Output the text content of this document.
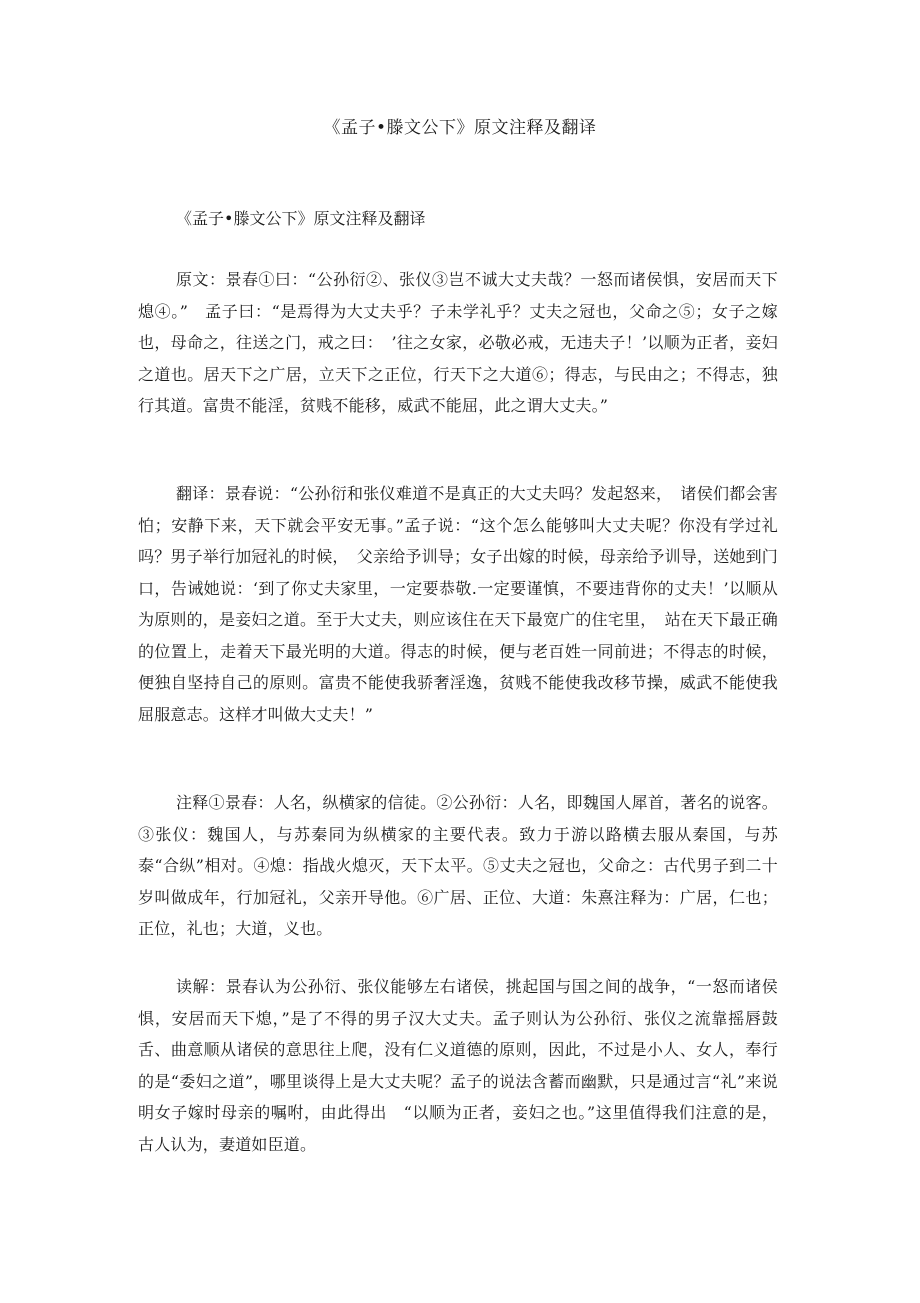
《孟子•滕文公下》原文注释及翻译
《孟子•滕文公下》原文注释及翻译
原文：景春①曰：“公孙衍②、张仪③岂不诚大丈夫哉？一怒而诸侯惧，安居而天下熄④。”　孟子曰：“是焉得为大丈夫乎？子未学礼乎？丈夫之冠也，父命之⑤；女子之嫁也，母命之，往送之门，戒之曰：　’往之女家，必敬必戒，无违夫子！’以顺为正者，妾妇之道也。居天下之广居，立天下之正位，行天下之大道⑥；得志，与民由之；不得志，独行其道。富贵不能淫，贫贱不能移，威武不能屈，此之谓大丈夫。”
翻译：景春说：“公孙衍和张仪难道不是真正的大丈夫吗？发起怒来，　诸侯们都会害怕；安静下来，天下就会平安无事。”孟子说：“这个怎么能够叫大丈夫呢？你没有学过礼吗？男子举行加冠礼的时候，　父亲给予训导；女子出嫁的时候，母亲给予训导，送她到门口，告诫她说：‘到了你丈夫家里，一定要恭敬.一定要谨慎，不要违背你的丈夫！’以顺从为原则的，是妾妇之道。至于大丈夫，则应该住在天下最宽广的住宅里，　站在天下最正确的位置上，走着天下最光明的大道。得志的时候，便与老百姓一同前进；不得志的时候，便独自坚持自己的原则。富贵不能使我骄奢淫逸，贫贱不能使我改移节操，威武不能使我屈服意志。这样才叫做大丈夫！”
注释①景春：人名，纵横家的信徒。②公孙衍：人名，即魏国人犀首，著名的说客。③张仪：魏国人，与苏秦同为纵横家的主要代表。致力于游以路横去服从秦国，与苏泰“合纵”相对。④熄：指战火熄灭，天下太平。⑤丈夫之冠也，父命之：古代男子到二十岁叫做成年，行加冠礼，父亲开导他。⑥广居、正位、大道：朱熹注释为：广居，仁也；正位，礼也；大道，义也。
读解：景春认为公孙衍、张仪能够左右诸侯，挑起国与国之间的战争，“一怒而诸侯惧，安居而天下熄，”是了不得的男子汉大丈夫。孟子则认为公孙衍、张仪之流靠摇唇鼓舌、曲意顺从诸侯的意思往上爬，没有仁义道德的原则，因此，不过是小人、女人，奉行的是“委妇之道”，哪里谈得上是大丈夫呢？孟子的说法含蓄而幽默，只是通过言“礼”来说明女子嫁时母亲的嘱咐，由此得出　“以顺为正者，妾妇之也。”这里值得我们注意的是，古人认为，妻道如臣道。
